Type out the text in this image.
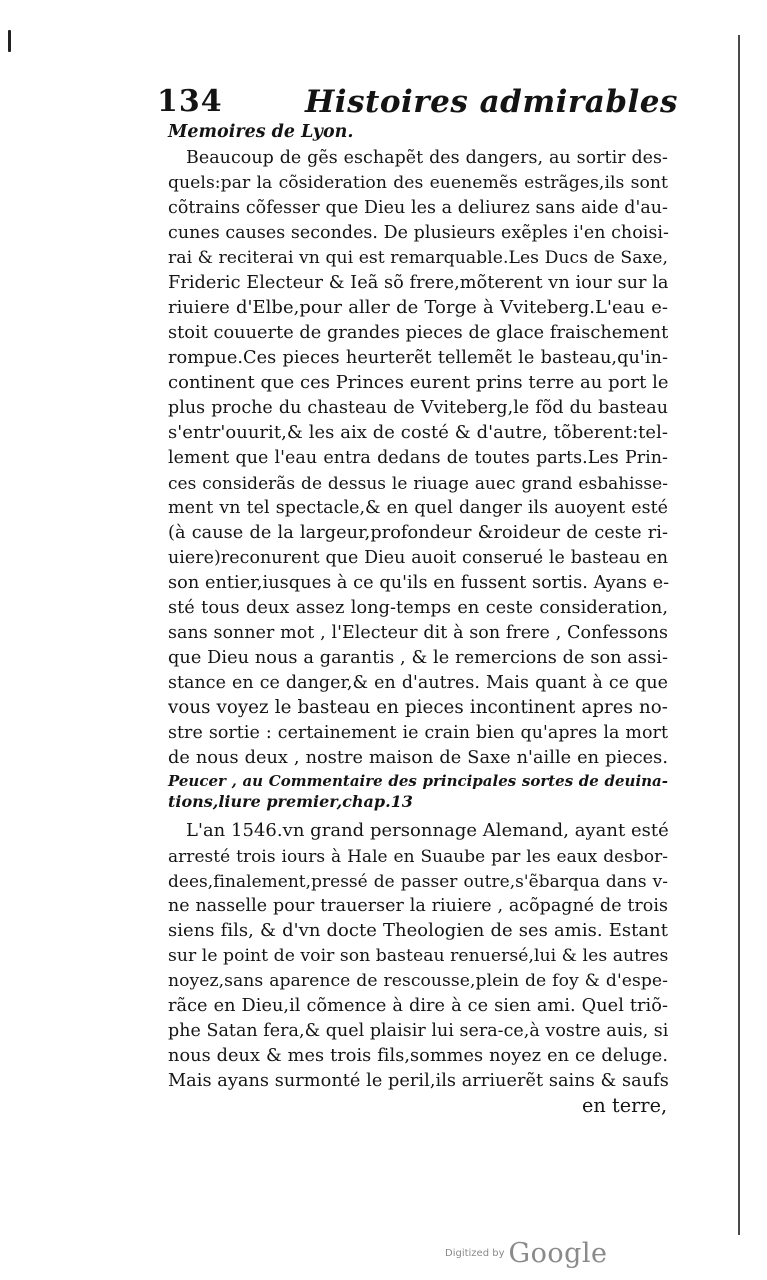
134	Histoires admirables
Memoires de Lyon.
Beaucoup de gẽs eschapẽt des dangers, au sortir des-
quels:par la cõsideration des euenemẽs estrãges,ils sont
cõtrains cõfesser que Dieu les a deliurez sans aide d'au-
cunes causes secondes. De plusieurs exẽples i'en choisi-
rai & reciterai vn qui est remarquable.Les Ducs de Saxe,
Frideric Electeur & Ieã sõ frere,mõterent vn iour sur la
riuiere d'Elbe,pour aller de Torge à Vviteberg.L'eau e-
stoit couuerte de grandes pieces de glace fraischement
rompue.Ces pieces heurterẽt tellemẽt le basteau,qu'in-
continent que ces Princes eurent prins terre au port le
plus proche du chasteau de Vviteberg,le fõd du basteau
s'entr'ouurit,& les aix de costé & d'autre, tõberent:tel-
lement que l'eau entra dedans de toutes parts.Les Prin-
ces considerãs de dessus le riuage auec grand esbahisse-
ment vn tel spectacle,& en quel danger ils auoyent esté
(à cause de la largeur,profondeur &roideur de ceste ri-
uiere)reconurent que Dieu auoit conserué le basteau en
son entier,iusques à ce qu'ils en fussent sortis. Ayans e-
sté tous deux assez long-temps en ceste consideration,
sans sonner mot , l'Electeur dit à son frere , Confessons
que Dieu nous a garantis , & le remercions de son assi-
stance en ce danger,& en d'autres. Mais quant à ce que
vous voyez le basteau en pieces incontinent apres no-
stre sortie : certainement ie crain bien qu'apres la mort
de nous deux , nostre maison de Saxe n'aille en pieces.
Peucer , au Commentaire des principales sortes de deuina-
tions,liure premier,chap.13
L'an 1546.vn grand personnage Alemand, ayant esté
arresté trois iours à Hale en Suaube par les eaux desbor-
dees,finalement,pressé de passer outre,s'ẽbarqua dans v-
ne nasselle pour trauerser la riuiere , acõpagné de trois
siens fils, & d'vn docte Theologien de ses amis. Estant
sur le point de voir son basteau renuersé,lui & les autres
noyez,sans aparence de rescousse,plein de foy & d'espe-
rãce en Dieu,il cõmence à dire à ce sien ami. Quel triõ-
phe Satan fera,& quel plaisir lui sera-ce,à vostre auis, si
nous deux & mes trois fils,sommes noyez en ce deluge.
Mais ayans surmonté le peril,ils arriuerẽt sains & saufs
en terre,
$^{Digitized by}$ Google
